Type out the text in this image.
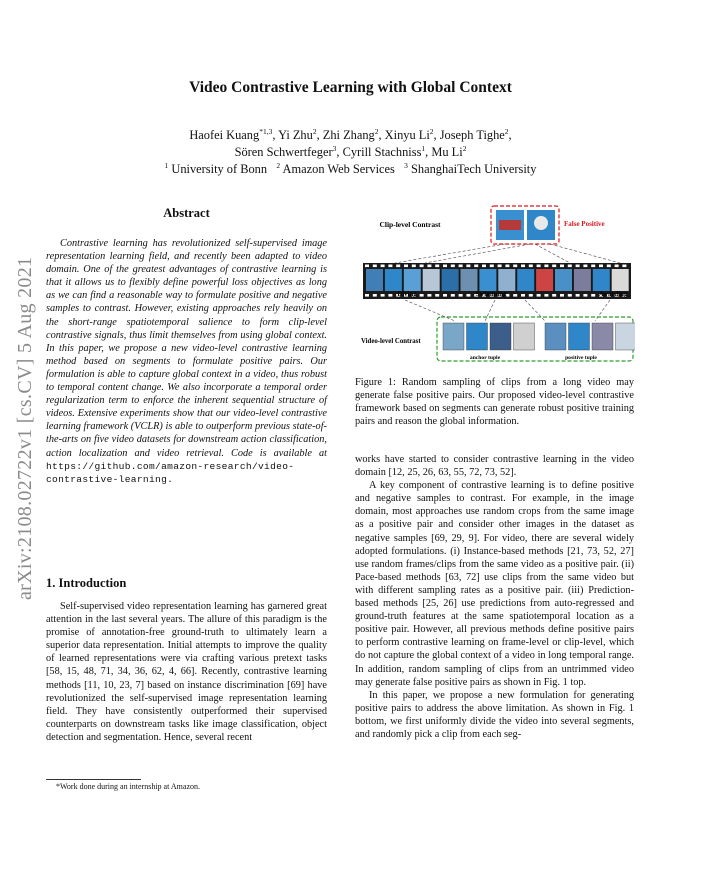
arXiv:2108.02722v1 [cs.CV] 5 Aug 2021
Video Contrastive Learning with Global Context
Haofei Kuang$^{*1,3}$, Yi Zhu$^2$, Zhi Zhang$^2$, Xinyu Li$^2$, Joseph Tighe$^2$,
Sören Schwertfeger$^3$, Cyrill Stachniss$^1$, Mu Li$^2$
$^1$ University of Bonn   $^2$ Amazon Web Services   $^3$ ShanghaiTech University
Abstract

Contrastive learning has revolutionized self-supervised image representation learning field, and recently been adapted to video domain. One of the greatest advantages of contrastive learning is that it allows us to flexibly define powerful loss objectives as long as we can find a reasonable way to formulate positive and negative samples to contrast. However, existing approaches rely heavily on the short-range spatiotemporal salience to form clip-level contrastive signals, thus limit themselves from using global context. In this paper, we propose a new video-level contrastive learning method based on segments to formulate positive pairs. Our formulation is able to capture global context in a video, thus robust to temporal content change. We also incorporate a temporal order regularization term to enforce the inherent sequential structure of videos. Extensive experiments show that our video-level contrastive learning framework (VCLR) is able to outperform previous state-of-the-arts on five video datasets for downstream action classification, action localization and video retrieval. Code is available at https://github.com/amazon-research/video-contrastive-learning.

1. Introduction

Self-supervised video representation learning has garnered great attention in the last several years. The allure of this paradigm is the promise of annotation-free ground-truth to ultimately learn a superior data representation. Initial attempts to improve the quality of learned representations were via crafting various pretext tasks [58, 15, 48, 71, 34, 36, 62, 4, 66]. Recently, contrastive learning methods [11, 10, 23, 7] based on instance discrimination [69] have revolutionized the self-supervised image representation learning field. They have consistently outperformed their supervised counterparts on downstream tasks like image classification, object detection and segmentation. Hence, several recent

*Work done during an internship at Amazon.
Clip-level Contrast	False Positive
Diving	Swimming	Awarding
Video-level Contrast
anchor tuple	positive tuple
Figure 1: Random sampling of clips from a long video may generate false positive pairs. Our proposed video-level contrastive framework based on segments can generate robust positive training pairs and reason the global information.

works have started to consider contrastive learning in the video domain [12, 25, 26, 63, 55, 72, 73, 52].

A key component of contrastive learning is to define positive and negative samples to contrast. For example, in the image domain, most approaches use random crops from the same image as a positive pair and consider other images in the dataset as negative samples [69, 29, 9]. For video, there are several widely adopted formulations. (i) Instance-based methods [21, 73, 52, 27] use random frames/clips from the same video as a positive pair. (ii) Pace-based methods [63, 72] use clips from the same video but with different sampling rates as a positive pair. (iii) Prediction-based methods [25, 26] use predictions from auto-regressed and ground-truth features at the same spatiotemporal location as a positive pair. However, all previous methods define positive pairs to perform contrastive learning on frame-level or clip-level, which do not capture the global context of a video in long temporal range. In addition, random sampling of clips from an untrimmed video may generate false positive pairs as shown in Fig. 1 top.

In this paper, we propose a new formulation for generating positive pairs to address the above limitation. As shown in Fig. 1 bottom, we first uniformly divide the video into several segments, and randomly pick a clip from each seg-
